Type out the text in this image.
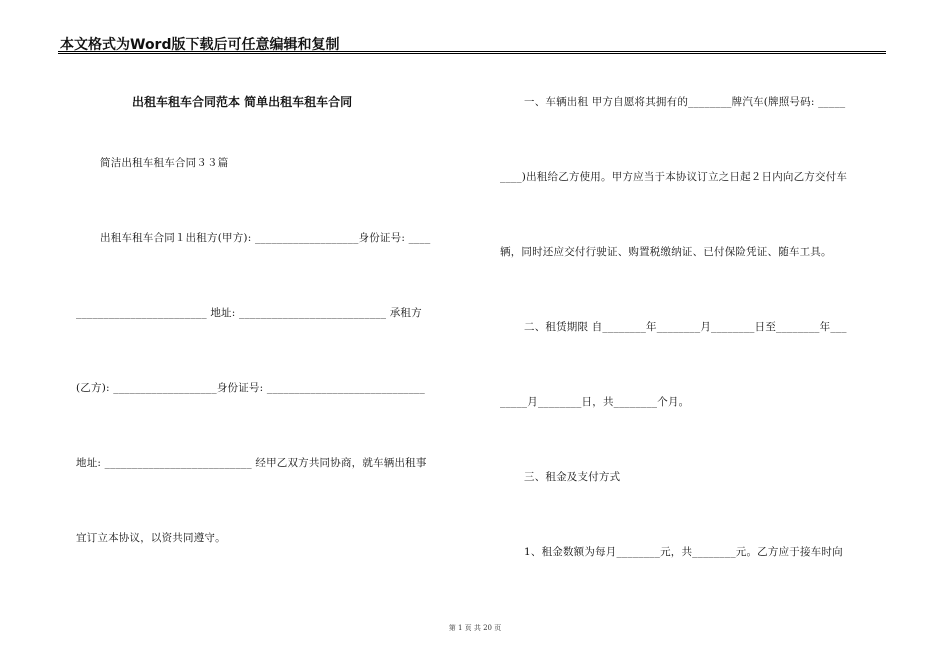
本文格式为Word版下载后可任意编辑和复制
出租车租车合同范本 简单出租车租车合同
简洁出租车租车合同３３篇
出租车租车合同１出租方(甲方): ___________________身份证号: ____
________________________ 地址: ___________________________ 承租方
(乙方): ___________________身份证号: _____________________________
地址: ___________________________ 经甲乙双方共同协商，就车辆出租事
宜订立本协议，以资共同遵守。
一、车辆出租 甲方自愿将其拥有的________牌汽车(牌照号码: _____
____)出租给乙方使用。甲方应当于本协议订立之日起２日内向乙方交付车
辆，同时还应交付行驶证、购置税缴纳证、已付保险凭证、随车工具。
二、租赁期限 自________年________月________日至________年___
_____月________日，共________个月。
三、租金及支付方式
1、租金数额为每月________元，共________元。乙方应于接车时向
第 1 页 共 20 页
